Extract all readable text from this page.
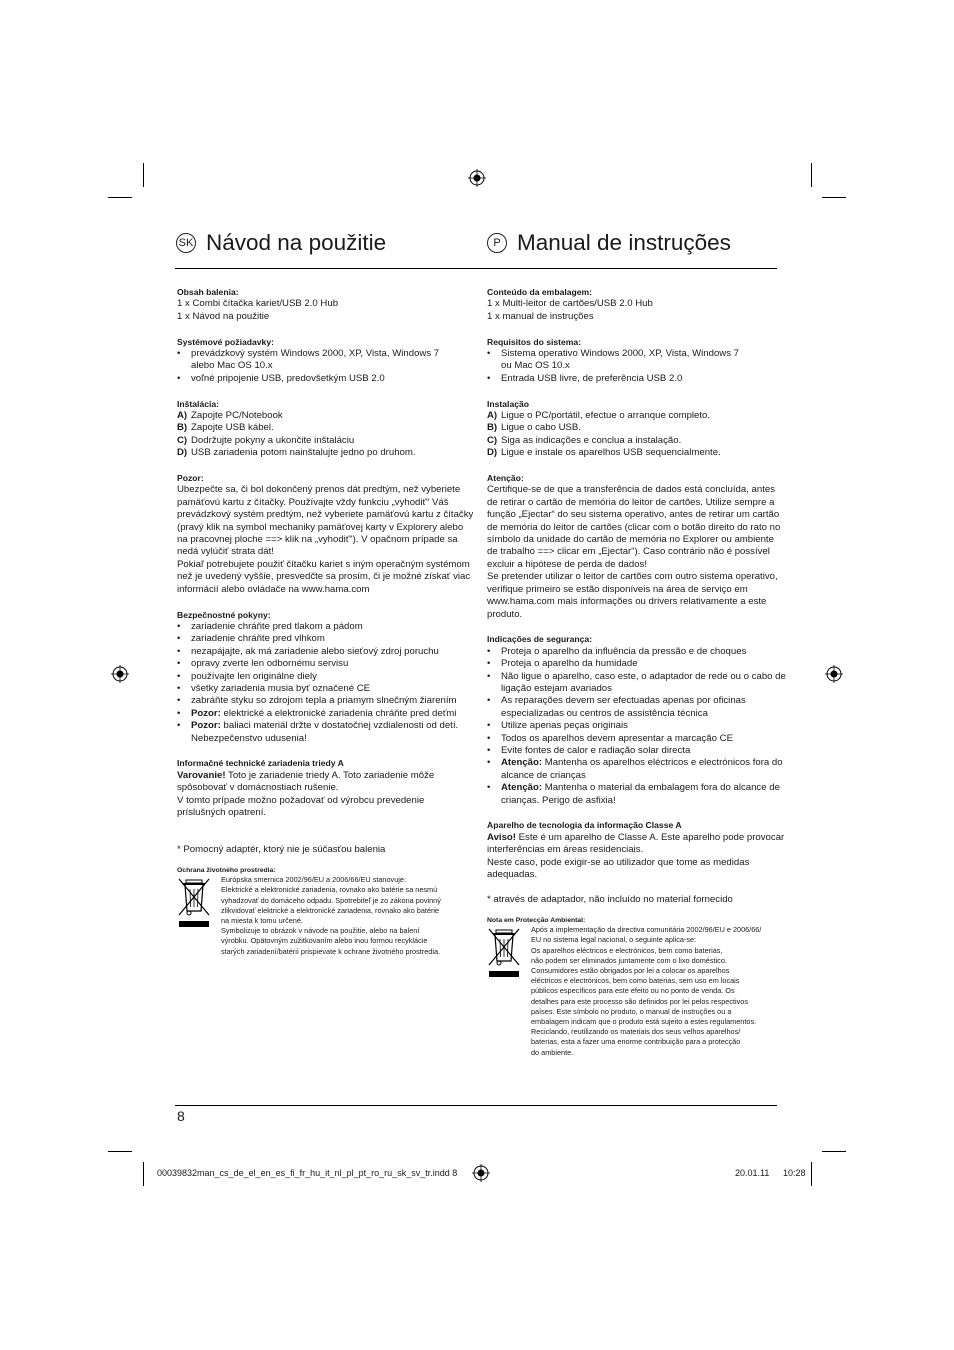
SK Návod na použitie	P Manual de instruções
Obsah balenia:
1 x Combi čítačka kariet/USB 2.0 Hub
1 x Návod na použitie
Systémové požiadavky:
•	prevádzkový systém Windows 2000, XP, Vista, Windows 7
alebo Mac OS 10.x
•	voľné pripojenie USB, predovšetkým USB 2.0
Inštalácia:
A) Zapojte PC/Notebook
B) Zapojte USB kábel.
C) Dodržujte pokyny a ukončite inštaláciu
D) USB zariadenia potom nainštalujte jedno po druhom.
Pozor:
Ubezpečte sa, či bol dokončený prenos dát predtým, než vyberiete
pamäťovú kartu z čítačky. Používajte vždy funkciu „vyhodiť“ Váš
prevádzkový systém predtým, než vyberiete pamäťovú kartu z čítačky
(pravý klik na symbol mechaniky pamäťovej karty v Explorery alebo
na pracovnej ploche ==> klik na „vyhodiť“). V opačnom prípade sa
nedá vylúčiť strata dát!
Pokiaľ potrebujete použiť čítačku kariet s iným operačným systémom
než je uvedený vyššie, presvedčte sa prosím, či je možné získať viac
informácií alebo ovládače na www.hama.com
Bezpečnostné pokyny:
•	zariadenie chráňte pred tlakom a pádom
•	zariadenie chráňte pred vlhkom
•	nezapájajte, ak má zariadenie alebo sieťový zdroj poruchu
•	opravy zverte len odbornému servisu
•	používajte len originálne diely
•	všetky zariadenia musia byť označené CE
•	zabráňte styku so zdrojom tepla a priamym slnečným žiarením
•	Pozor: elektrické a elektronické zariadenia chráňte pred deťmi
•	Pozor: baliaci materiál držte v dostatočnej vzdialenosti od detí.
Nebezpečenstvo udusenia!
Informačné technické zariadenia triedy A
Varovanie! Toto je zariadenie triedy A. Toto zariadenie môže
spôsobovať v domácnostiach rušenie.
V tomto prípade možno požadovať od výrobcu prevedenie
príslušných opatrení.
* Pomocný adaptér, ktorý nie je súčasťou balenia
Ochrana životného prostredia:
Európska smernica 2002/96/EU a 2006/66/EU stanovuje:
Elektrické a elektronické zariadenia, rovnako ako batérie sa nesmú
vyhadzovať do domáceho odpadu. Spotrebiteľ je zo zákona povinný
zlikvidovať elektrické a elektronické zariadenia, rovnako ako batérie
na miesta k tomu určené.
Symbolizuje to obrázok v návode na použitie, alebo na balení
výrobku. Opätovným zužitkovaním alebo inou formou recyklácie
starých zariadení/batérií prispievate k ochrane životného prostredia.
Conteúdo da embalagem:
1 x Multi-leitor de cartões/USB 2.0 Hub
1 x manual de instruções
Requisitos do sistema:
•	Sistema operativo Windows 2000, XP, Vista, Windows 7
ou Mac OS 10.x
•	Entrada USB livre, de preferência USB 2.0
Instalação
A) Ligue o PC/portátil, efectue o arranque completo.
B) Ligue o cabo USB.
C) Siga as indicações e conclua a instalação.
D) Ligue e instale os aparelhos USB sequencialmente.
Atenção:
Certifique-se de que a transferência de dados está concluída, antes
de retirar o cartão de memória do leitor de cartões. Utilize sempre a
função „Ejectar“ do seu sistema operativo, antes de retirar um cartão
de memória do leitor de cartões (clicar com o botão direito do rato no
símbolo da unidade do cartão de memória no Explorer ou ambiente
de trabalho ==> clicar em „Ejectar“). Caso contrário não é possível
excluir a hipótese de perda de dados!
Se pretender utilizar o leitor de cartões com outro sistema operativo,
verifique primeiro se estão disponíveis na área de serviço em
www.hama.com mais informações ou drivers relativamente a este
produto.
Indicações de segurança:
•	Proteja o aparelho da influência da pressão e de choques
•	Proteja o aparelho da humidade
•	Não ligue o aparelho, caso este, o adaptador de rede ou o cabo de
ligação estejam avariados
•	As reparações devem ser efectuadas apenas por oficinas
especializadas ou centros de assistência técnica
•	Utilize apenas peças originais
•	Todos os aparelhos devem apresentar a marcação CE
•	Evite fontes de calor e radiação solar directa
•	Atenção: Mantenha os aparelhos eléctricos e electrónicos fora do
alcance de crianças
•	Atenção: Mantenha o material da embalagem fora do alcance de
crianças. Perigo de asfixia!
Aparelho de tecnologia da informação Classe A
Aviso! Este é um aparelho de Classe A. Este aparelho pode provocar
interferências em áreas residenciais.
Neste caso, pode exigir-se ao utilizador que tome as medidas
adequadas.
* através de adaptador, não incluído no material fornecido
Nota em Protecção Ambiental:
Após a implementação da directiva comunitária 2002/96/EU e 2006/66/
EU no sistema legal nacional, o seguinte aplica-se:
Os aparelhos eléctricos e electrónicos, bem como baterias,
não podem ser eliminados juntamente com o lixo doméstico.
Consumidores estão obrigados por lei a colocar os aparelhos
eléctricos e electrónicos, bem como baterias, sem uso em locais
públicos específicos para este efeito ou no ponto de venda. Os
detalhes para este processo são definidos por lei pelos respectivos
países. Este símbolo no produto, o manual de instruções ou a
embalagem indicam que o produto está sujeito a estes regulamentos.
Reciclando, reutilizando os materiais dos seus velhos aparelhos/
baterias, esta a fazer uma enorme contribuição para a protecção
do ambiente.
8
00039832man_cs_de_el_en_es_fi_fr_hu_it_nl_pl_pt_ro_ru_sk_sv_tr.indd 8	20.01.11 10:28
